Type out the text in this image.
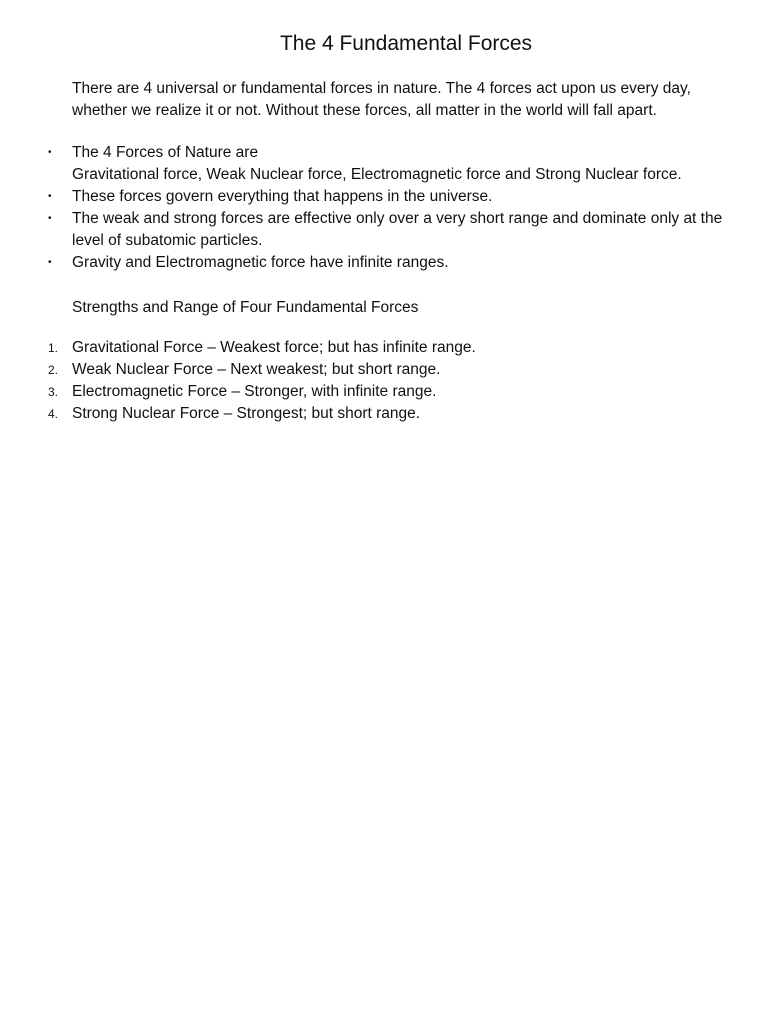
The 4 Fundamental Forces

There are 4 universal or fundamental forces in nature. The 4 forces act upon us every day,
whether we realize it or not. Without these forces, all matter in the world will fall apart.

•	The 4 Forces of Nature are
Gravitational force, Weak Nuclear force, Electromagnetic force and Strong Nuclear force.
•	These forces govern everything that happens in the universe.
•	The weak and strong forces are effective only over a very short range and dominate only at the
level of subatomic particles.
•	Gravity and Electromagnetic force have infinite ranges.

Strengths and Range of Four Fundamental Forces

1. Gravitational Force – Weakest force; but has infinite range.
2. Weak Nuclear Force – Next weakest; but short range.
3. Electromagnetic Force – Stronger, with infinite range.
4. Strong Nuclear Force – Strongest; but short range.
